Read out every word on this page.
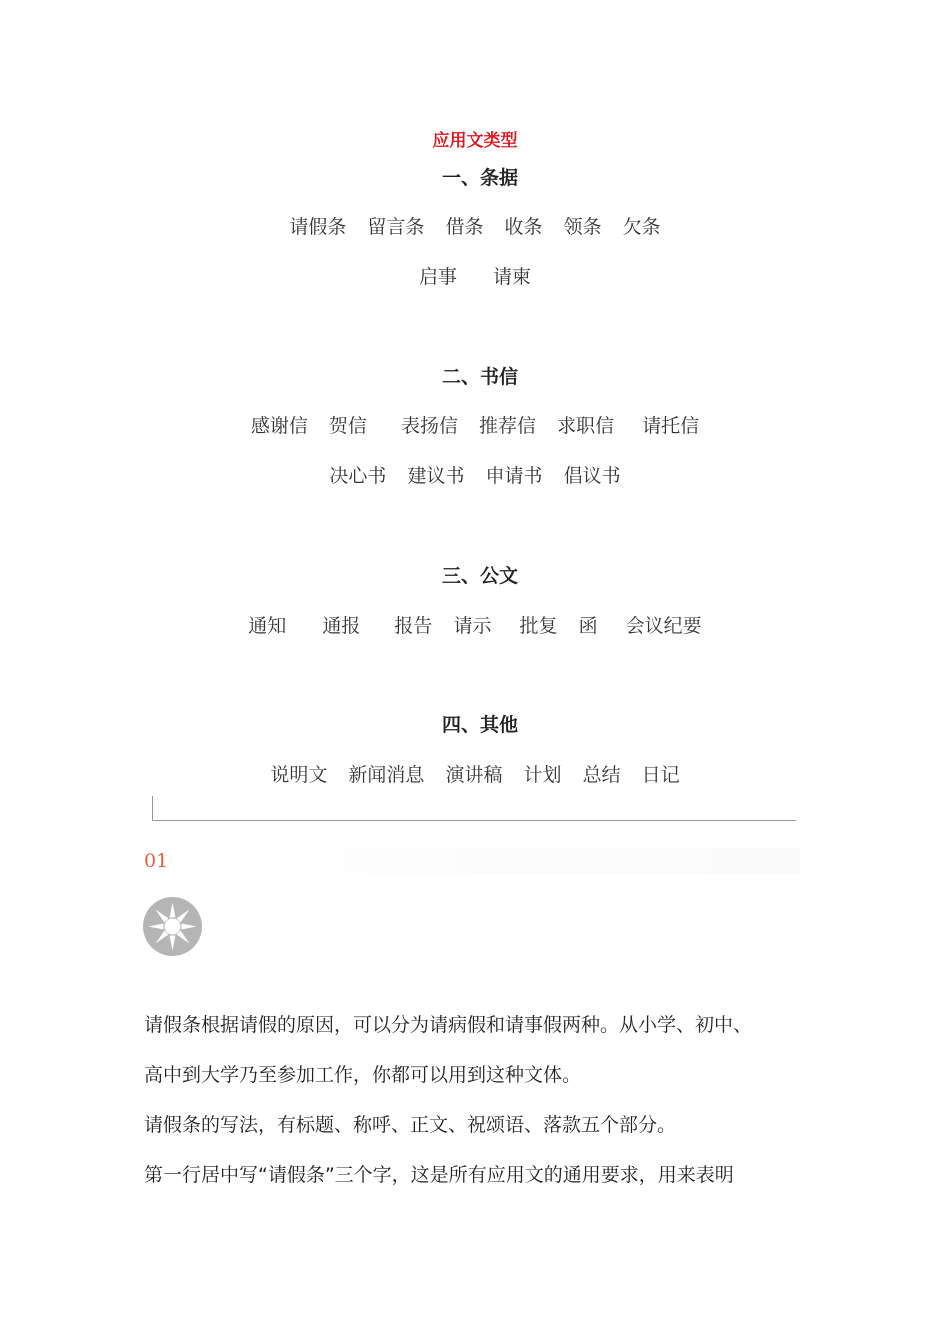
应用文类型
一、条据
请假条 留言条 借条 收条 领条 欠条
启事 请柬
二、书信
感谢信 贺信 表扬信 推荐信 求职信 请托信
决心书 建议书 申请书 倡议书
三、公文
通知 通报 报告 请示 批复 函 会议纪要
四、其他
说明文 新闻消息 演讲稿 计划 总结 日记
01
请假条根据请假的原因，可以分为请病假和请事假两种。从小学、初中、
高中到大学乃至参加工作，你都可以用到这种文体。
请假条的写法，有标题、称呼、正文、祝颂语、落款五个部分。
第一行居中写“请假条”三个字，这是所有应用文的通用要求，用来表明
